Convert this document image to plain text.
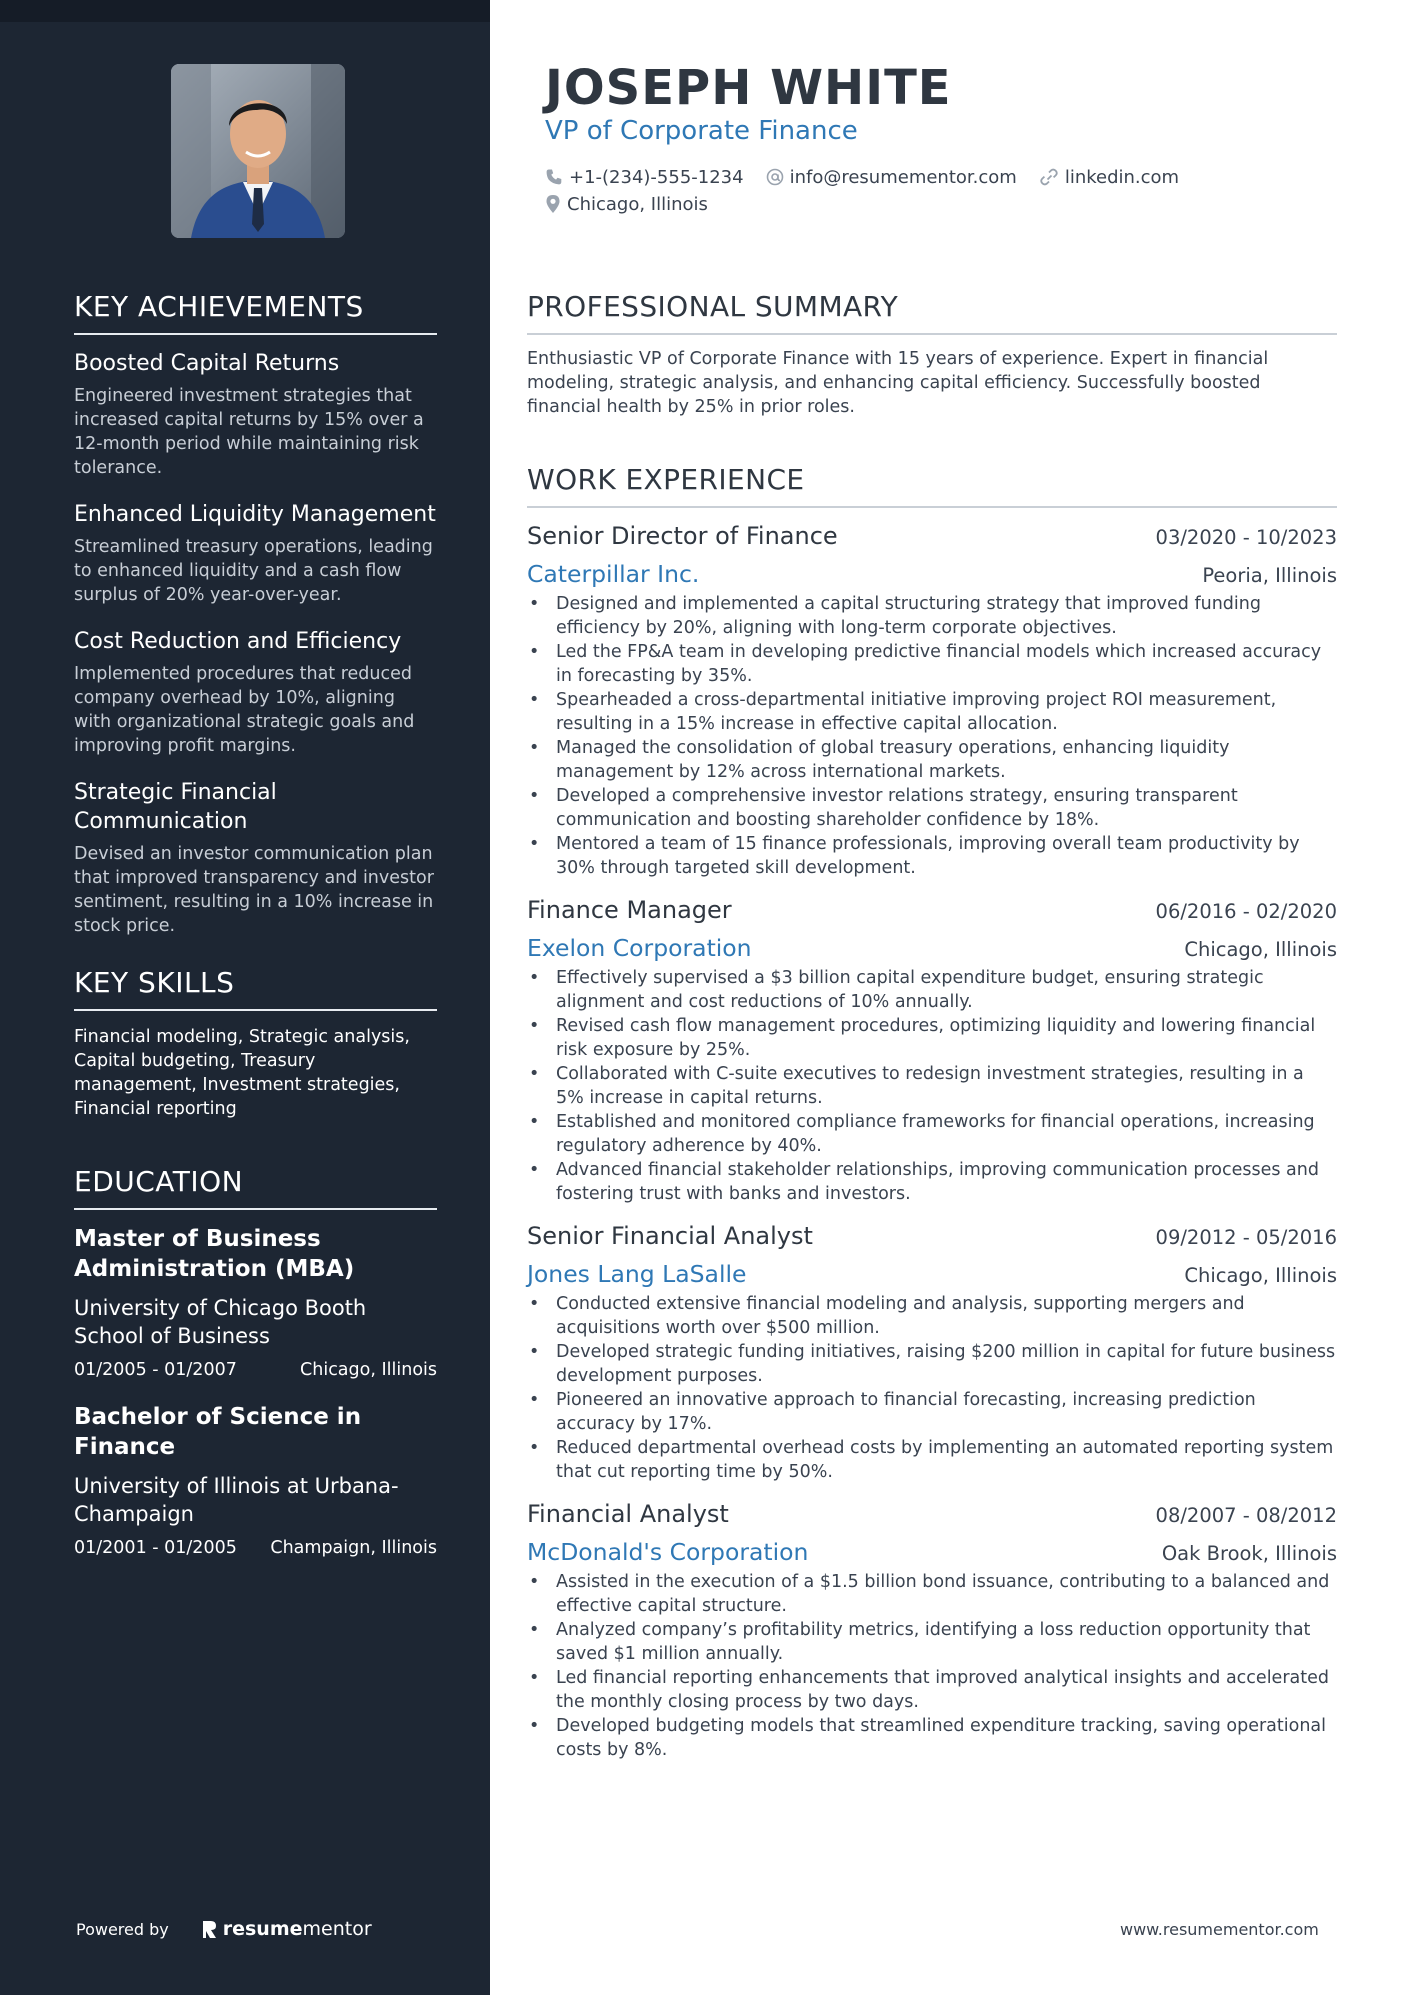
KEY ACHIEVEMENTS
Boosted Capital Returns
Engineered investment strategies that increased capital returns by 15% over a 12-month period while maintaining risk tolerance.
Enhanced Liquidity Management
Streamlined treasury operations, leading to enhanced liquidity and a cash flow surplus of 20% year-over-year.
Cost Reduction and Efficiency
Implemented procedures that reduced company overhead by 10%, aligning with organizational strategic goals and improving profit margins.
Strategic Financial Communication
Devised an investor communication plan that improved transparency and investor sentiment, resulting in a 10% increase in stock price.
KEY SKILLS
Financial modeling, Strategic analysis, Capital budgeting, Treasury management, Investment strategies, Financial reporting
EDUCATION
Master of Business Administration (MBA)
University of Chicago Booth School of Business
01/2005 - 01/2007	Chicago, Illinois
Bachelor of Science in Finance
University of Illinois at Urbana-Champaign
01/2001 - 01/2005 Champaign, Illinois
Powered by	resume mentor
JOSEPH WHITE
VP of Corporate Finance
+1-(234)-555-1234	info@resumementor.com	linkedin.com
Chicago, Illinois
PROFESSIONAL SUMMARY

Enthusiastic VP of Corporate Finance with 15 years of experience. Expert in financial modeling, strategic analysis, and enhancing capital efficiency. Successfully boosted financial health by 25% in prior roles.

WORK EXPERIENCE
Senior Director of Finance	03/2020 - 10/2023
Caterpillar Inc.	Peoria, Illinois
• Designed and implemented a capital structuring strategy that improved funding efficiency by 20%, aligning with long-term corporate objectives.
• Led the FP&A team in developing predictive financial models which increased accuracy in forecasting by 35%.
• Spearheaded a cross-departmental initiative improving project ROI measurement, resulting in a 15% increase in effective capital allocation.
• Managed the consolidation of global treasury operations, enhancing liquidity management by 12% across international markets.
• Developed a comprehensive investor relations strategy, ensuring transparent communication and boosting shareholder confidence by 18%.
• Mentored a team of 15 finance professionals, improving overall team productivity by 30% through targeted skill development.
Finance Manager	06/2016 - 02/2020
Exelon Corporation	Chicago, Illinois
• Effectively supervised a $3 billion capital expenditure budget, ensuring strategic alignment and cost reductions of 10% annually.
• Revised cash flow management procedures, optimizing liquidity and lowering financial risk exposure by 25%.
• Collaborated with C-suite executives to redesign investment strategies, resulting in a 5% increase in capital returns.
• Established and monitored compliance frameworks for financial operations, increasing regulatory adherence by 40%.
• Advanced financial stakeholder relationships, improving communication processes and fostering trust with banks and investors.
Senior Financial Analyst	09/2012 - 05/2016
Jones Lang LaSalle	Chicago, Illinois
• Conducted extensive financial modeling and analysis, supporting mergers and acquisitions worth over $500 million.
• Developed strategic funding initiatives, raising $200 million in capital for future business development purposes.
• Pioneered an innovative approach to financial forecasting, increasing prediction accuracy by 17%.
• Reduced departmental overhead costs by implementing an automated reporting system that cut reporting time by 50%.
Financial Analyst	08/2007 - 08/2012
McDonald's Corporation	Oak Brook, Illinois
• Assisted in the execution of a $1.5 billion bond issuance, contributing to a balanced and effective capital structure.
• Analyzed company’s profitability metrics, identifying a loss reduction opportunity that saved $1 million annually.
• Led financial reporting enhancements that improved analytical insights and accelerated the monthly closing process by two days.
• Developed budgeting models that streamlined expenditure tracking, saving operational costs by 8%.
www.resumementor.com
